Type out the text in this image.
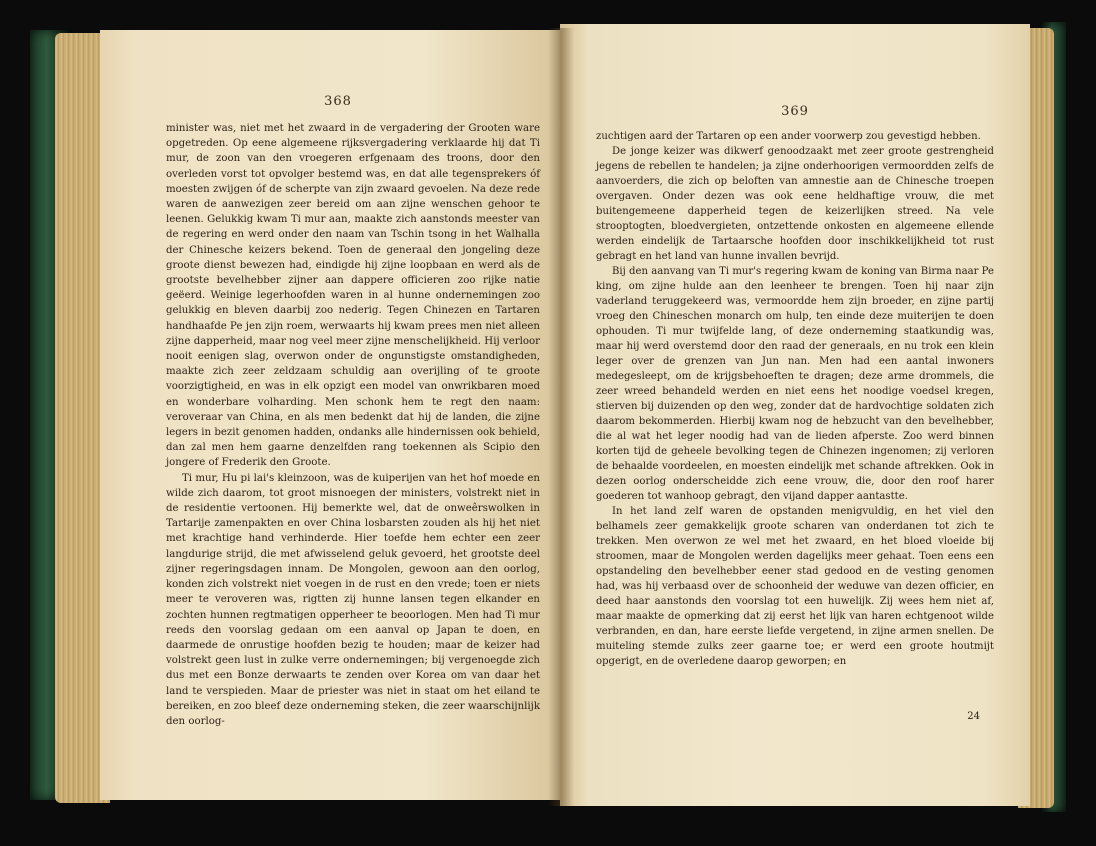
368

minister was, niet met het zwaard in de vergadering der Grooten ware opgetreden. Op eene algemeene rijksvergadering verklaarde hij dat Ti mur, de zoon van den vroegeren erfgenaam des troons, door den overleden vorst tot opvolger bestemd was, en dat alle tegensprekers óf moesten zwijgen óf de scherpte van zijn zwaard gevoelen. Na deze rede waren de aanwezigen zeer bereid om aan zijne wenschen gehoor te leenen. Gelukkig kwam Ti mur aan, maakte zich aanstonds meester van de regering en werd onder den naam van Tschin tsong in het Walhalla der Chinesche keizers bekend. Toen de generaal den jongeling deze groote dienst bewezen had, eindigde hij zijne loopbaan en werd als de grootste bevelhebber zijner aan dappere officieren zoo rijke natie geëerd. Weinige legerhoofden waren in al hunne ondernemingen zoo gelukkig en bleven daarbij zoo nederig. Tegen Chinezen en Tartaren handhaafde Pe jen zijn roem, werwaarts hij kwam prees men niet alleen zijne dapperheid, maar nog veel meer zijne menschelijkheid. Hij verloor nooit eenigen slag, overwon onder de ongunstigste omstandigheden, maakte zich zeer zeldzaam schuldig aan overijling of te groote voorzigtigheid, en was in elk opzigt een model van onwrikbaren moed en wonderbare volharding. Men schonk hem te regt den naam: veroveraar van China, en als men bedenkt dat hij de landen, die zijne legers in bezit genomen hadden, ondanks alle hindernissen ook behield, dan zal men hem gaarne denzelfden rang toekennen als Scipio den jongere of Frederik den Groote.

Ti mur, Hu pi lai's kleinzoon, was de kuiperijen van het hof moede en wilde zich daarom, tot groot misnoegen der ministers, volstrekt niet in de residentie vertoonen. Hij bemerkte wel, dat de onweêrswolken in Tartarije zamenpakten en over China losbarsten zouden als hij het niet met krachtige hand verhinderde. Hier toefde hem echter een zeer langdurige strijd, die met afwisselend geluk gevoerd, het grootste deel zijner regeringsdagen innam. De Mongolen, gewoon aan den oorlog, konden zich volstrekt niet voegen in de rust en den vrede; toen er niets meer te veroveren was, rigtten zij hunne lansen tegen elkander en zochten hunnen regtmatigen opperheer te beoorlogen. Men had Ti mur reeds den voorslag gedaan om een aanval op Japan te doen, en daarmede de onrustige hoofden bezig te houden; maar de keizer had volstrekt geen lust in zulke verre ondernemingen; bij vergenoegde zich dus met een Bonze derwaarts te zenden over Korea om van daar het land te verspieden. Maar de priester was niet in staat om het eiland te bereiken, en zoo bleef deze onderneming steken, die zeer waarschijnlijk den oorlog-

369

zuchtigen aard der Tartaren op een ander voorwerp zou gevestigd hebben.

De jonge keizer was dikwerf genoodzaakt met zeer groote gestrengheid jegens de rebellen te handelen; ja zijne onderhoorigen vermoordden zelfs de aanvoerders, die zich op beloften van amnestie aan de Chinesche troepen overgaven. Onder dezen was ook eene heldhaftige vrouw, die met buitengemeene dapperheid tegen de keizerlijken streed. Na vele strooptogten, bloedvergieten, ontzettende onkosten en algemeene ellende werden eindelijk de Tartaarsche hoofden door inschikkelijkheid tot rust gebragt en het land van hunne invallen bevrijd.

Bij den aanvang van Ti mur's regering kwam de koning van Birma naar Pe king, om zijne hulde aan den leenheer te brengen. Toen hij naar zijn vaderland teruggekeerd was, vermoordde hem zijn broeder, en zijne partij vroeg den Chineschen monarch om hulp, ten einde deze muiterijen te doen ophouden. Ti mur twijfelde lang, of deze onderneming staatkundig was, maar hij werd overstemd door den raad der generaals, en nu trok een klein leger over de grenzen van Jun nan. Men had een aantal inwoners medegesleept, om de krijgsbehoeften te dragen; deze arme drommels, die zeer wreed behandeld werden en niet eens het noodige voedsel kregen, stierven bij duizenden op den weg, zonder dat de hardvochtige soldaten zich daarom bekommerden. Hierbij kwam nog de hebzucht van den bevelhebber, die al wat het leger noodig had van de lieden afperste. Zoo werd binnen korten tijd de geheele bevolking tegen de Chinezen ingenomen; zij verloren de behaalde voordeelen, en moesten eindelijk met schande aftrekken. Ook in dezen oorlog onderscheidde zich eene vrouw, die, door den roof harer goederen tot wanhoop gebragt, den vijand dapper aantastte.

In het land zelf waren de opstanden menigvuldig, en het viel den belhamels zeer gemakkelijk groote scharen van onderdanen tot zich te trekken. Men overwon ze wel met het zwaard, en het bloed vloeide bij stroomen, maar de Mongolen werden dagelijks meer gehaat. Toen eens een opstandeling den bevelhebber eener stad gedood en de vesting genomen had, was hij verbaasd over de schoonheid der weduwe van dezen officier, en deed haar aanstonds den voorslag tot een huwelijk. Zij wees hem niet af, maar maakte de opmerking dat zij eerst het lijk van haren echtgenoot wilde verbranden, en dan, hare eerste liefde vergetend, in zijne armen snellen. De muiteling stemde zulks zeer gaarne toe; er werd een groote houtmijt opgerigt, en de overledene daarop geworpen; en

24
